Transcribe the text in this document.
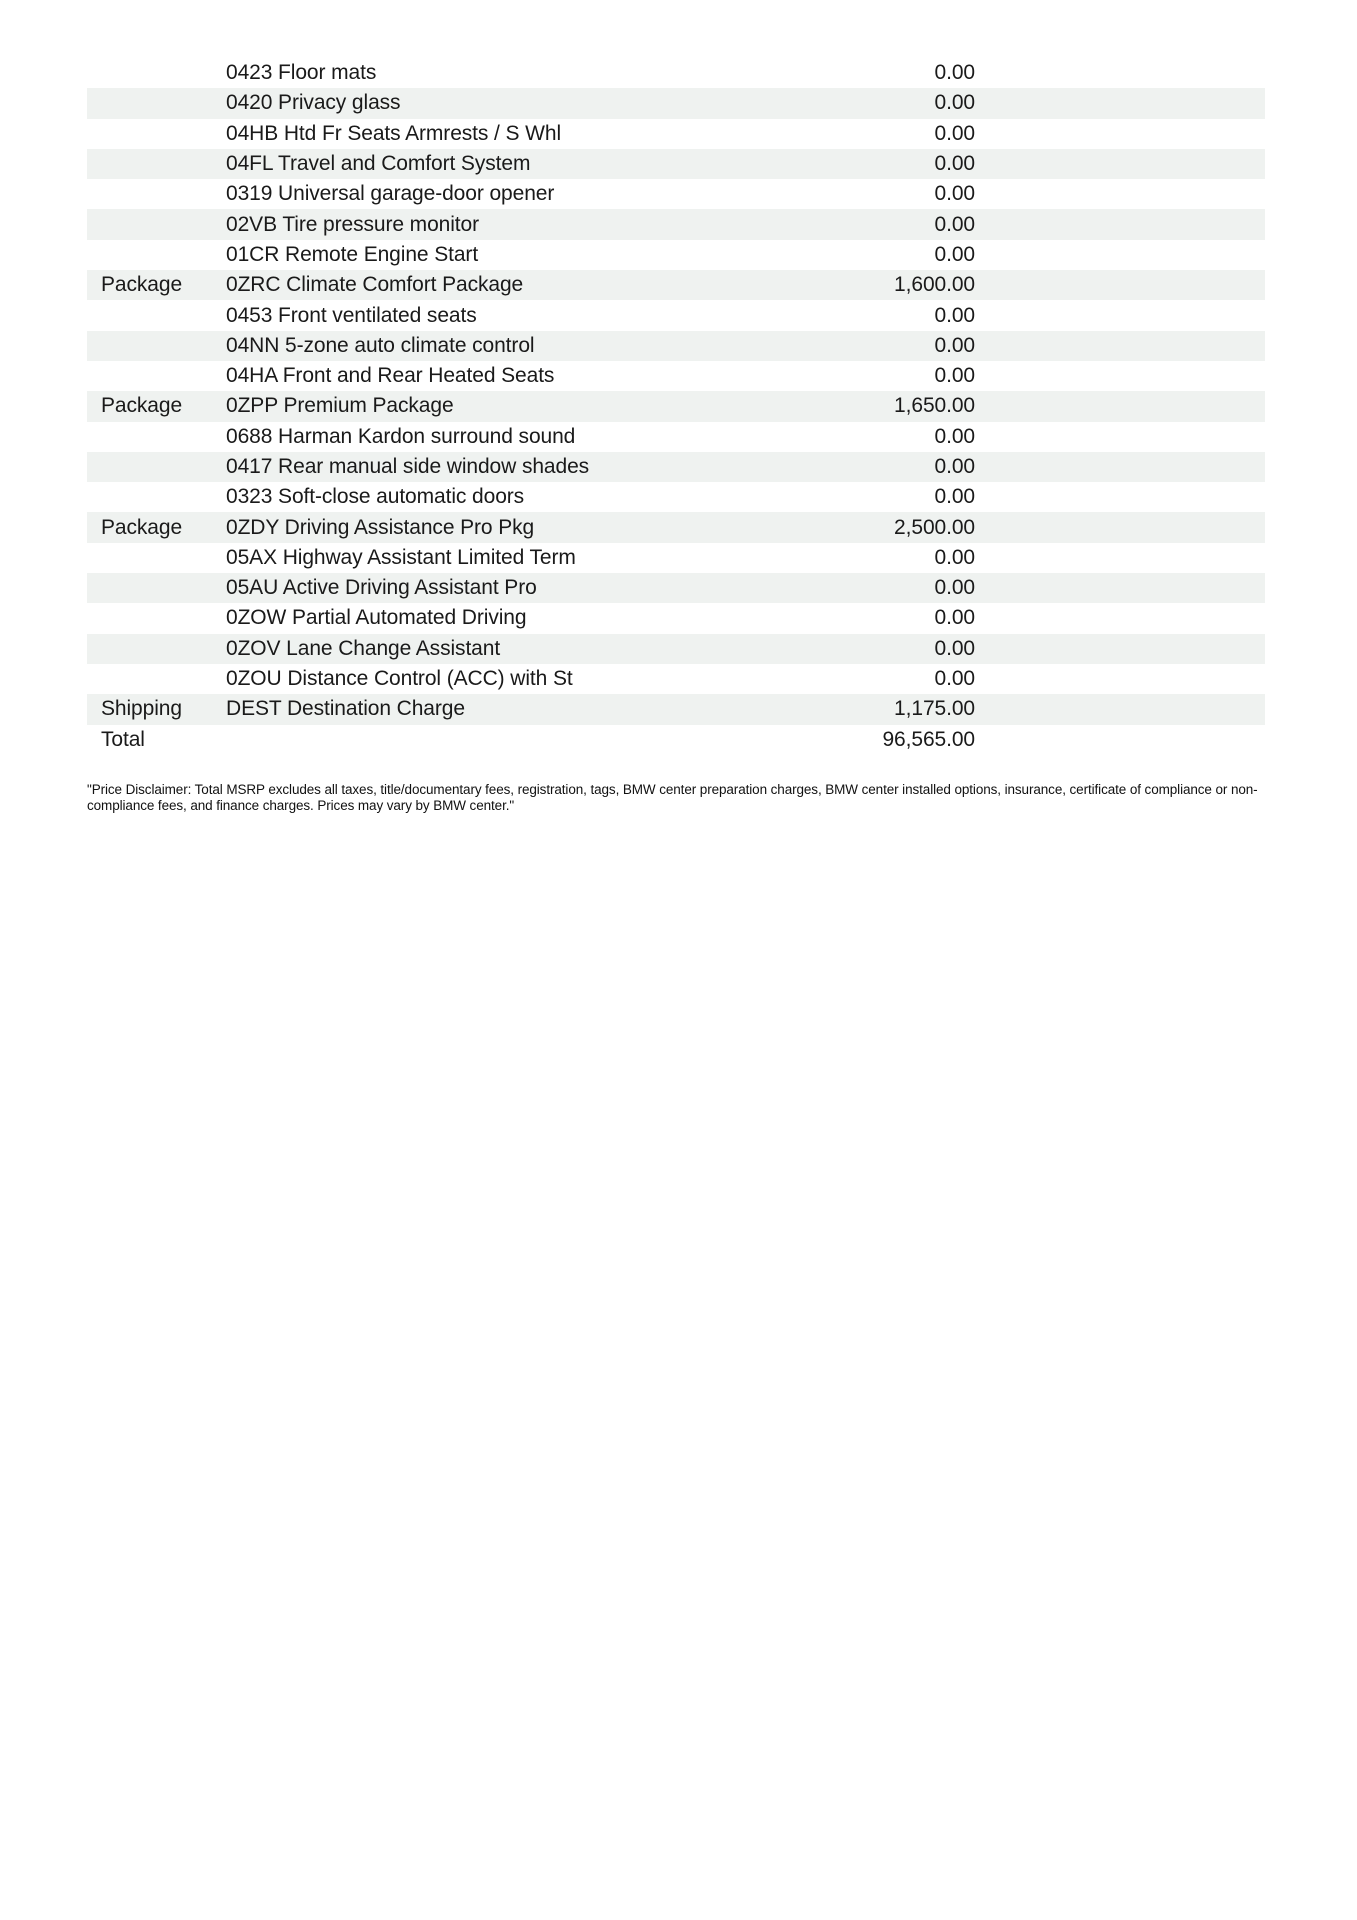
0423 Floor mats	0.00
0420 Privacy glass	0.00
04HB Htd Fr Seats Armrests / S Whl	0.00
04FL Travel and Comfort System	0.00
0319 Universal garage-door opener	0.00
02VB Tire pressure monitor	0.00
01CR Remote Engine Start	0.00
Package	0ZRC Climate Comfort Package	1,600.00
0453 Front ventilated seats	0.00
04NN 5-zone auto climate control	0.00
04HA Front and Rear Heated Seats	0.00
Package	0ZPP Premium Package	1,650.00
0688 Harman Kardon surround sound	0.00
0417 Rear manual side window shades	0.00
0323 Soft-close automatic doors	0.00
Package	0ZDY Driving Assistance Pro Pkg	2,500.00
05AX Highway Assistant Limited Term	0.00
05AU Active Driving Assistant Pro	0.00
0ZOW Partial Automated Driving	0.00
0ZOV Lane Change Assistant	0.00
0ZOU Distance Control (ACC) with St	0.00
Shipping	DEST Destination Charge	1,175.00
Total	96,565.00
"Price Disclaimer: Total MSRP excludes all taxes, title/documentary fees, registration, tags, BMW center preparation charges, BMW center installed options, insurance, certificate of compliance or non-compliance fees, and finance charges. Prices may vary by BMW center."
